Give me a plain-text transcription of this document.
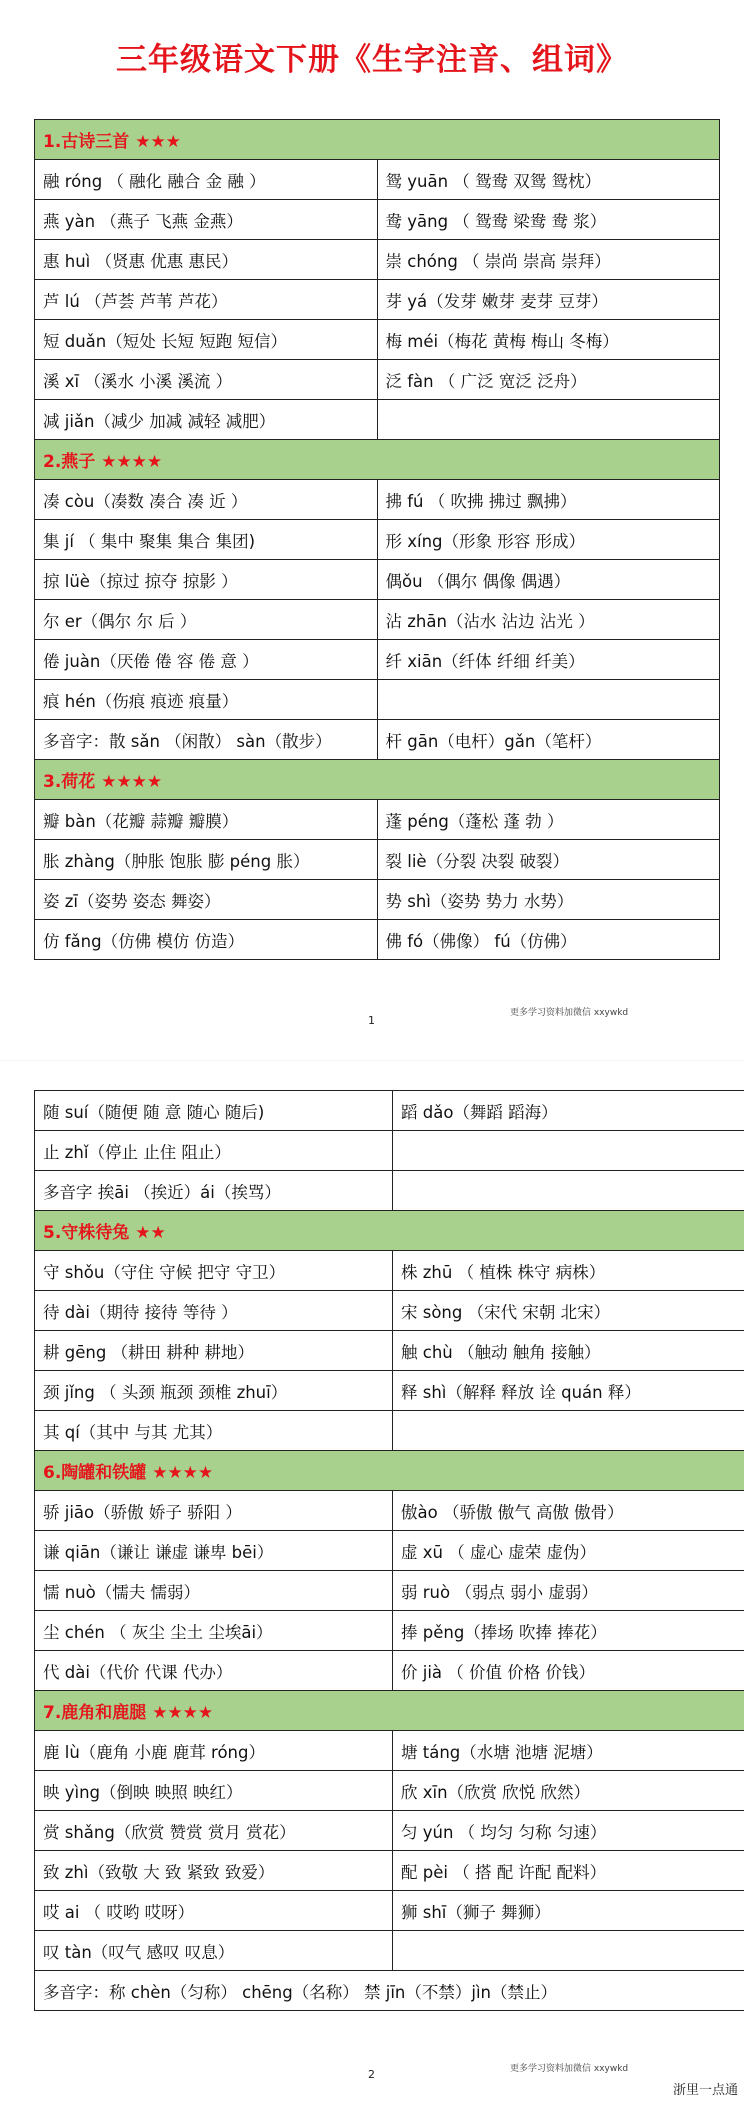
三年级语文下册《生字注音、组词》
1.古诗三首 ★★★	
融 róng （ 融化 融合 金 融 ）	鸳 yuān （ 鸳鸯 双鸳 鸳枕）
燕 yàn （燕子 飞燕 金燕）	鸯 yāng （ 鸳鸯 梁鸯 鸯 浆）
惠 huì （贤惠 优惠 惠民）	崇 chóng （ 崇尚 崇高 崇拜）
芦 lú （芦荟 芦苇 芦花）	芽 yá（发芽 嫩芽 麦芽 豆芽）
短 duǎn（短处 长短 短跑 短信）	梅 méi（梅花 黄梅 梅山 冬梅）
溪 xī （溪水 小溪 溪流 ）	泛 fàn （ 广泛 宽泛 泛舟）
减 jiǎn（减少 加减 减轻 减肥）	
2.燕子 ★★★★	
凑 còu（凑数 凑合 凑 近 ）	拂 fú （ 吹拂 拂过 飘拂）
集 jí （ 集中 聚集 集合 集团)	形 xíng（形象 形容 形成）
掠 lüè（掠过 掠夺 掠影 ）	偶ǒu （偶尔 偶像 偶遇）
尔 er（偶尔 尔 后 ）	沾 zhān（沾水 沾边 沾光 ）
倦 juàn（厌倦 倦 容 倦 意 ）	纤 xiān（纤体 纤细 纤美）
痕 hén（伤痕 痕迹 痕量）	
多音字：散 sǎn （闲散） sàn（散步）	杆 gān（电杆）gǎn（笔杆）
3.荷花 ★★★★	
瓣 bàn（花瓣 蒜瓣 瓣膜）	蓬 péng（蓬松 蓬 勃 ）
胀 zhàng（肿胀 饱胀 膨 péng 胀）	裂 liè（分裂 决裂 破裂）
姿 zī（姿势 姿态 舞姿）	势 shì（姿势 势力 水势）
仿 fǎng（仿佛 模仿 仿造）	佛 fó（佛像） fú（仿佛）
1
更多学习资料加微信 xxywkd
随 suí（随便 随 意 随心 随后)	蹈 dǎo（舞蹈 蹈海）
止 zhǐ（停止 止住 阻止）	
多音字 挨āi （挨近）ái（挨骂）	
5.守株待兔 ★★	
守 shǒu（守住 守候 把守 守卫）	株 zhū （ 植株 株守 病株）
待 dài（期待 接待 等待 ）	宋 sòng （宋代 宋朝 北宋）
耕 gēng （耕田 耕种 耕地）	触 chù （触动 触角 接触）
颈 jǐng （ 头颈 瓶颈 颈椎 zhuī）	释 shì（解释 释放 诠 quán 释）
其 qí（其中 与其 尤其）	
6.陶罐和铁罐 ★★★★	
骄 jiāo（骄傲 娇子 骄阳 ）	傲ào （骄傲 傲气 高傲 傲骨）
谦 qiān（谦让 谦虚 谦卑 bēi）	虚 xū （ 虚心 虚荣 虚伪）
懦 nuò（懦夫 懦弱）	弱 ruò （弱点 弱小 虚弱）
尘 chén （ 灰尘 尘土 尘埃āi）	捧 pěng（捧场 吹捧 捧花）
代 dài（代价 代课 代办）	价 jià （ 价值 价格 价钱）
7.鹿角和鹿腿 ★★★★	
鹿 lù（鹿角 小鹿 鹿茸 róng）	塘 táng（水塘 池塘 泥塘）
映 yìng（倒映 映照 映红）	欣 xīn（欣赏 欣悦 欣然）
赏 shǎng（欣赏 赞赏 赏月 赏花）	匀 yún （ 均匀 匀称 匀速）
致 zhì（致敬 大 致 紧致 致爱）	配 pèi （ 搭 配 许配 配料）
哎 ai （ 哎哟 哎呀）	狮 shī（狮子 舞狮）
叹 tàn（叹气 感叹 叹息）	
多音字：称 chèn（匀称） chēng（名称） 禁 jīn（不禁）jìn（禁止）	
2	更多学习资料加微信 xxywkd
浙里一点通
